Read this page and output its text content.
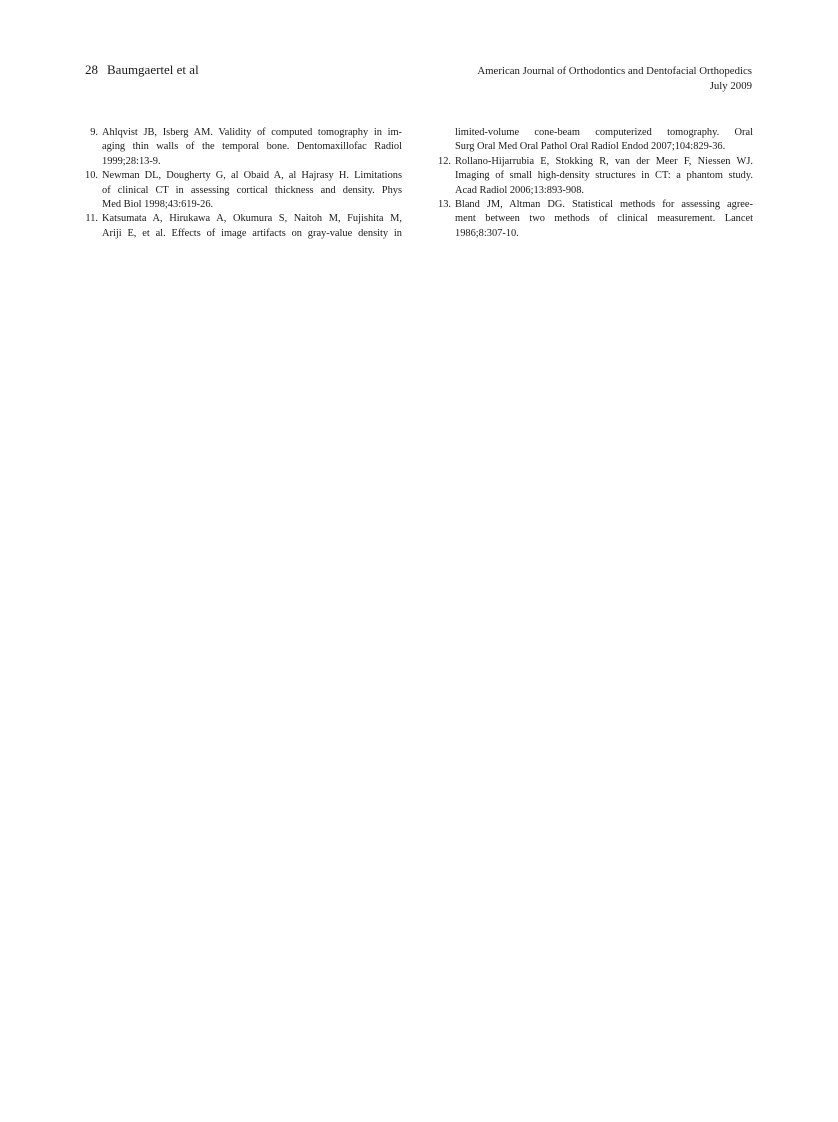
28 Baumgaertel et al	American Journal of Orthodontics and Dentofacial Orthopedics
July 2009
9. Ahlqvist JB, Isberg AM. Validity of computed tomography in im-
aging thin walls of the temporal bone. Dentomaxillofac Radiol
1999;28:13-9.
10. Newman DL, Dougherty G, al Obaid A, al Hajrasy H. Limitations
of clinical CT in assessing cortical thickness and density. Phys
Med Biol 1998;43:619-26.
11. Katsumata A, Hirukawa A, Okumura S, Naitoh M, Fujishita M,
Ariji E, et al. Effects of image artifacts on gray-value density in
limited-volume cone-beam computerized tomography. Oral
Surg Oral Med Oral Pathol Oral Radiol Endod 2007;104:829-36.
12. Rollano-Hijarrubia E, Stokking R, van der Meer F, Niessen WJ.
Imaging of small high-density structures in CT: a phantom study.
Acad Radiol 2006;13:893-908.
13. Bland JM, Altman DG. Statistical methods for assessing agree-
ment between two methods of clinical measurement. Lancet
1986;8:307-10.
